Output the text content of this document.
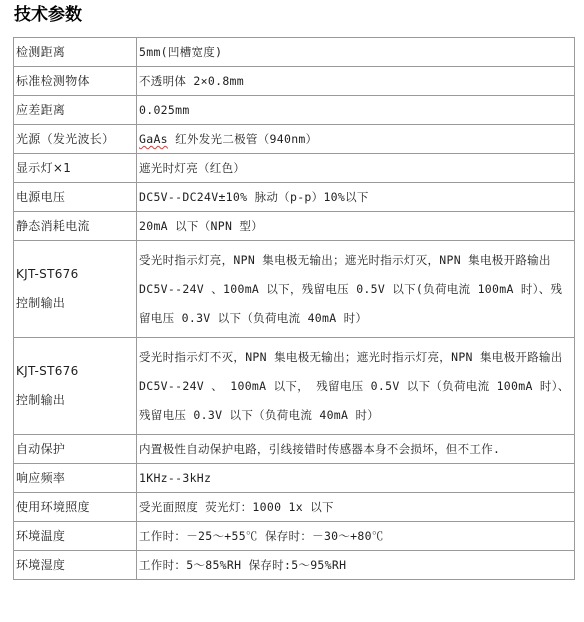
技术参数
检测距离	5mm(凹槽宽度)
标准检测物体	不透明体 2×0.8mm
应差距离	0.025mm
光源（发光波长）	GaAs 红外发光二极管（940nm）
显示灯×1	遮光时灯亮（红色）
电源电压	DC5V--DC24V±10% 脉动（p-p）10%以下
静态消耗电流	20mA 以下（NPN 型）

KJT-ST676
控制输出	受光时指示灯亮，NPN 集电极无输出；遮光时指示灯灭，NPN 集电极开路输出 DC5V--24V 、100mA 以下，残留电压 0.5V 以下(负荷电流 100mA 时）、残留电压 0.3V 以下（负荷电流 40mA 时）

KJT-ST676
控制输出	受光时指示灯不灭，NPN 集电极无输出；遮光时指示灯亮，NPN 集电极开路输出 DC5V--24V 、 100mA 以下， 残留电压 0.5V 以下（负荷电流 100mA 时）、残留电压 0.3V 以下（负荷电流 40mA 时）
自动保护	内置极性自动保护电路，引线接错时传感器本身不会损坏，但不工作.
响应频率	1KHz--3kHz
使用环境照度	受光面照度 荧光灯：1000 1x 以下
环境温度	工作时：－25～+55℃ 保存时：－30～+80℃
环境湿度	工作时：5～85%RH 保存时:5～95%RH
